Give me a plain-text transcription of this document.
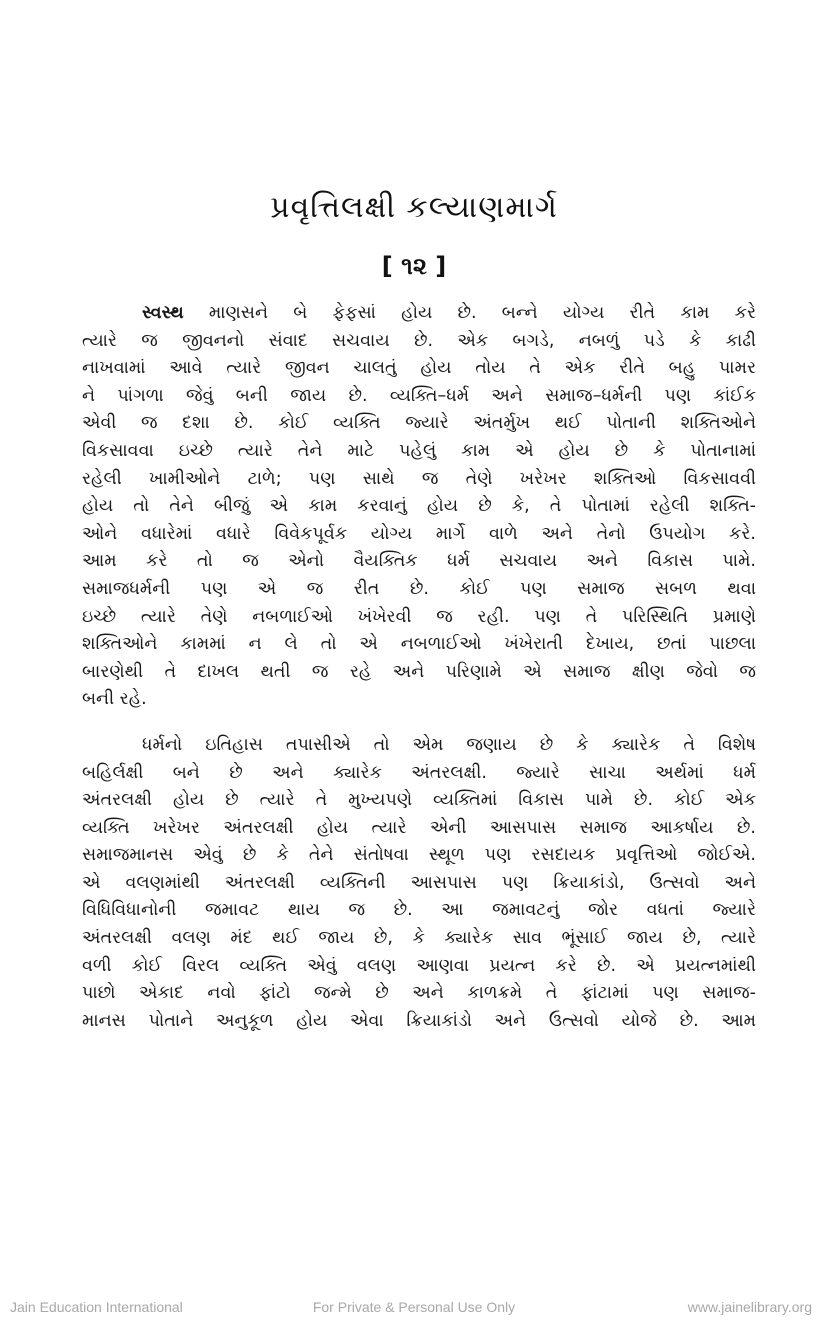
પ્રવૃત્તિલક્ષી કલ્યાણમાર્ગ
[ ૧૨ ]
સ્વસ્થ માણસને બે ફેફસાં હોય છે. બન્ને યોગ્ય રીતે કામ કરે
ત્યારે જ જીવનનો સંવાદ સચવાય છે. એક બગડે, નબળું પડે કે કાઢી
નાખવામાં આવે ત્યારે જીવન ચાલતું હોય તોય તે એક રીતે બહુ પામર
ને પાંગળા જેવું બની જાય છે. વ્યક્તિ–ધર્મ અને સમાજ–ધર્મની પણ કાંઈક
એવી જ દશા છે. કોઈ વ્યક્તિ જ્યારે અંતર્મુખ થઈ પોતાની શક્તિઓને
વિકસાવવા ઇચ્છે ત્યારે તેને માટે પહેલું કામ એ હોય છે કે પોતાનામાં
રહેલી ખામીઓને ટાળે; પણ સાથે જ તેણે ખરેખર શક્તિઓ વિકસાવવી
હોય તો તેને બીજું એ કામ કરવાનું હોય છે કે, તે પોતામાં રહેલી શક્તિ-
ઓને વધારેમાં વધારે વિવેકપૂર્વક યોગ્ય માર્ગે વાળે અને તેનો ઉપયોગ કરે.
આમ કરે તો જ એનો વૈયક્તિક ધર્મ સચવાય અને વિકાસ પામે.
સમાજધર્મની પણ એ જ રીત છે. કોઈ પણ સમાજ સબળ થવા
ઇચ્છે ત્યારે તેણે નબળાઈઓ ખંખેરવી જ રહી. પણ તે પરિસ્થિતિ પ્રમાણે
શક્તિઓને કામમાં ન લે તો એ નબળાઈઓ ખંખેરાતી દેખાય, છતાં પાછલા
બારણેથી તે દાખલ થતી જ રહે અને પરિણામે એ સમાજ ક્ષીણ જેવો જ
બની રહે.
ધર્મનો ઇતિહાસ તપાસીએ તો એમ જણાય છે કે ક્યારેક તે વિશેષ
બહિર્લક્ષી બને છે અને ક્યારેક અંતરલક્ષી. જ્યારે સાચા અર્થમાં ધર્મ
અંતરલક્ષી હોય છે ત્યારે તે મુખ્યપણે વ્યક્તિમાં વિકાસ પામે છે. કોઈ એક
વ્યક્તિ ખરેખર અંતરલક્ષી હોય ત્યારે એની આસપાસ સમાજ આકર્ષાય છે.
સમાજમાનસ એવું છે કે તેને સંતોષવા સ્થૂળ પણ રસદાયક પ્રવૃત્તિઓ જોઈએ.
એ વલણમાંથી અંતરલક્ષી વ્યક્તિની આસપાસ પણ ક્રિયાકાંડો, ઉત્સવો અને
વિધિવિધાનોની જમાવટ થાય જ છે. આ જમાવટનું જોર વધતાં જ્યારે
અંતરલક્ષી વલણ મંદ થઈ જાય છે, કે ક્યારેક સાવ ભૂંસાઈ જાય છે, ત્યારે
વળી કોઈ વિરલ વ્યક્તિ એવું વલણ આણવા પ્રયત્ન કરે છે. એ પ્રયત્નમાંથી
પાછો એકાદ નવો ફાંટો જન્મે છે અને કાળક્રમે તે ફાંટામાં પણ સમાજ-
માનસ પોતાને અનુકૂળ હોય એવા ક્રિયાકાંડો અને ઉત્સવો યોજે છે. આમ
Jain Education International	For Private & Personal Use Only	www.jainelibrary.org
